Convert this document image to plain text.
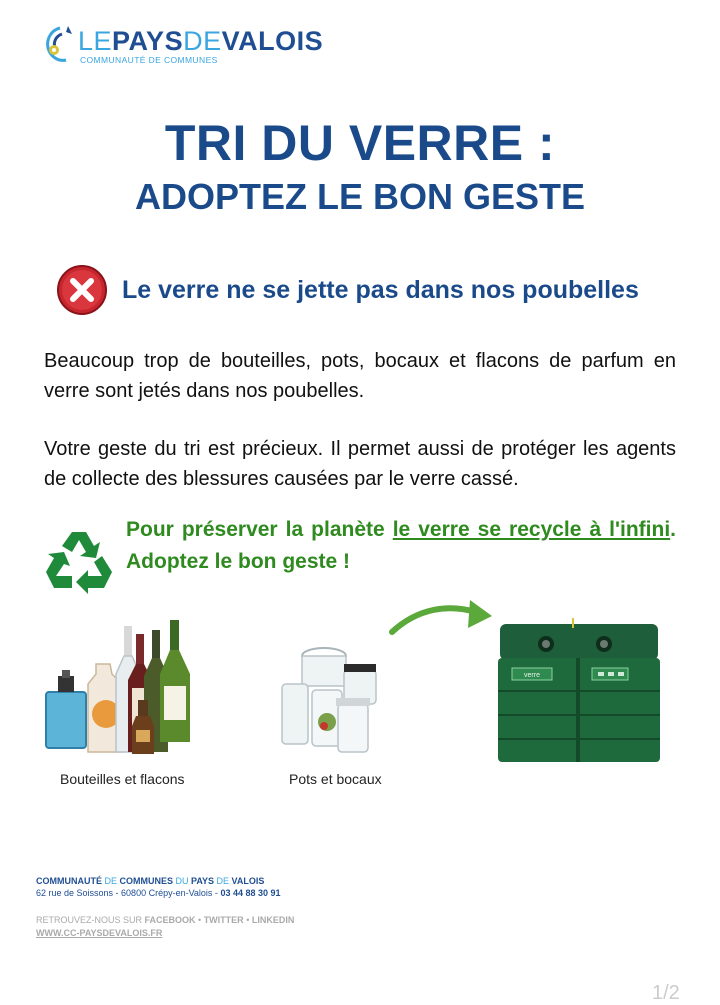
LEPAYSDEVALOIS
COMMUNAUTÉ DE COMMUNES
TRI DU VERRE :
ADOPTEZ LE BON GESTE
Le verre ne se jette pas dans nos poubelles
Beaucoup trop de bouteilles, pots, bocaux et flacons de parfum en verre sont jetés dans nos poubelles.
Votre geste du tri est précieux. Il permet aussi de protéger les agents de collecte des blessures causées par le verre cassé.
Pour préserver la planète le verre se recycle à l'infini. Adoptez le bon geste !
Bouteilles et flacons	Pots et bocaux
verre
COMMUNAUTÉ DE COMMUNES DU PAYS DE VALOIS
62 rue de Soissons - 60800 Crépy-en-Valois - 03 44 88 30 91
RETROUVEZ-NOUS SUR FACEBOOK • TWITTER • LINKEDIN
WWW.CC-PAYSDEVALOIS.FR
1/2
